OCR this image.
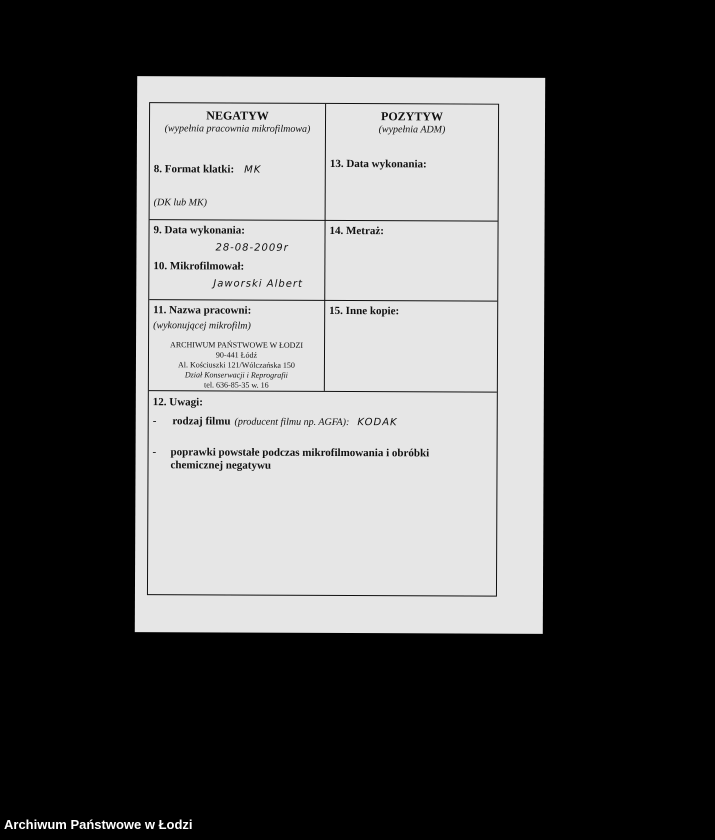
NEGATYW
(wypełnia pracownia mikrofilmowa)
8. Format klatki: MK
(DK lub MK)
POZYTYW
(wypełnia ADM)
13. Data wykonania:
9. Data wykonania:
28-08-2009r
10. Mikrofilmował:
Jaworski Albert
14. Metraż:
11. Nazwa pracowni:
(wykonującej mikrofilm)
ARCHIWUM PAŃSTWOWE W ŁODZI
90-441 Łódź
Al. Kościuszki 121/Wólczańska 150
Dział Konserwacji i Reprografii
tel. 636-85-35 w. 16
15. Inne kopie:
12. Uwagi:
- rodzaj filmu (producent filmu np. AGFA): KODAK
- poprawki powstałe podczas mikrofilmowania i obróbki chemicznej negatywu
Archiwum Państwowe w Łodzi
